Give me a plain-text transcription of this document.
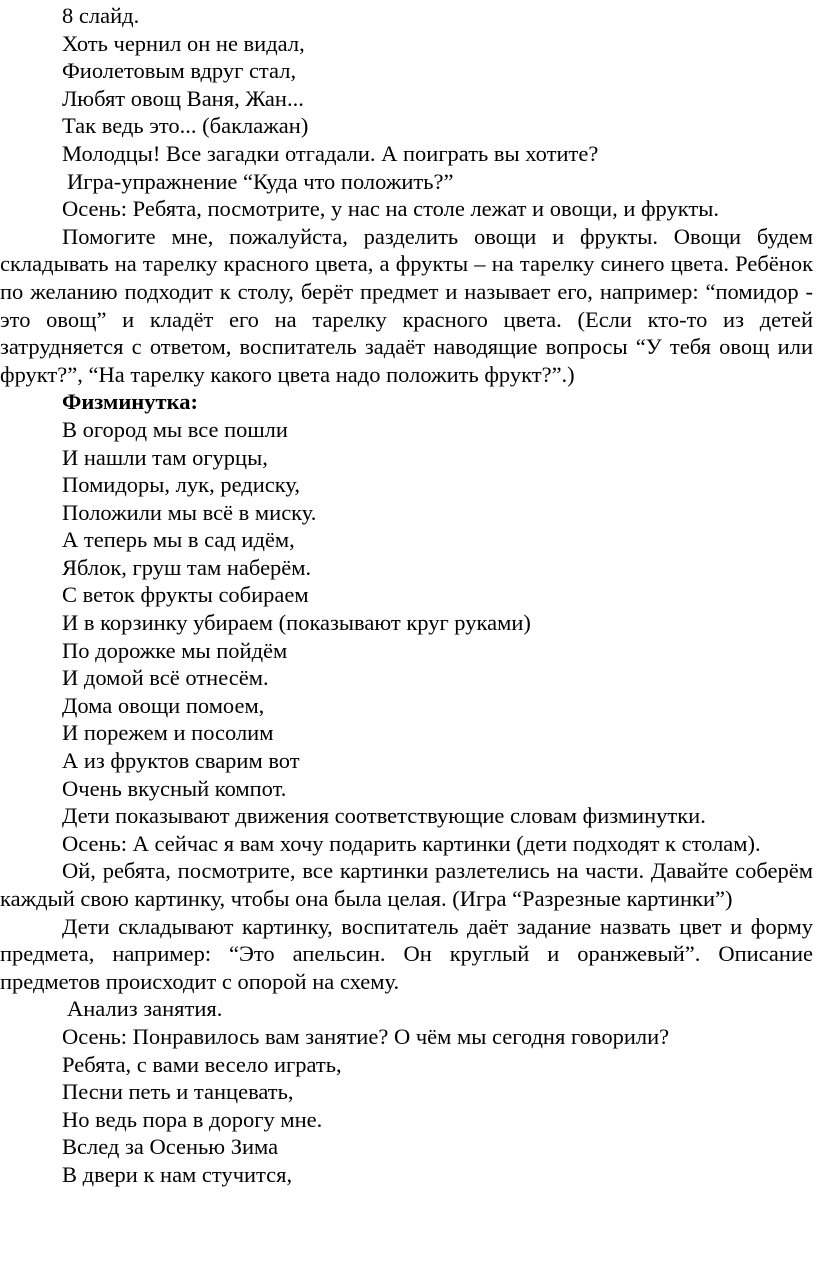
8 слайд.

Хоть чернил он не видал,

Фиолетовым вдруг стал,

Любят овощ Ваня, Жан...

Так ведь это... (баклажан)

Молодцы! Все загадки отгадали. А поиграть вы хотите?

Игра-упражнение “Куда что положить?”

Осень: Ребята, посмотрите, у нас на столе лежат и овощи, и фрукты.

Помогите мне, пожалуйста, разделить овощи и фрукты. Овощи будем складывать на тарелку красного цвета, а фрукты – на тарелку синего цвета. Ребёнок по желанию подходит к столу, берёт предмет и называет его, например: “помидор - это овощ” и кладёт его на тарелку красного цвета. (Если кто-то из детей затрудняется с ответом, воспитатель задаёт наводящие вопросы “У тебя овощ или фрукт?”, “На тарелку какого цвета надо положить фрукт?”.)

Физминутка:

В огород мы все пошли

И нашли там огурцы,

Помидоры, лук, редиску,

Положили мы всё в миску.

А теперь мы в сад идём,

Яблок, груш там наберём.

С веток фрукты собираем

И в корзинку убираем (показывают круг руками)

По дорожке мы пойдём

И домой всё отнесём.

Дома овощи помоем,

И порежем и посолим

А из фруктов сварим вот

Очень вкусный компот.

Дети показывают движения соответствующие словам физминутки.

Осень: А сейчас я вам хочу подарить картинки (дети подходят к столам).

Ой, ребята, посмотрите, все картинки разлетелись на части. Давайте соберём каждый свою картинку, чтобы она была целая. (Игра “Разрезные картинки”)

Дети складывают картинку, воспитатель даёт задание назвать цвет и форму предмета, например: “Это апельсин. Он круглый и оранжевый”. Описание предметов происходит с опорой на схему.

Анализ занятия.

Осень: Понравилось вам занятие? О чём мы сегодня говорили?

Ребята, с вами весело играть,

Песни петь и танцевать,

Но ведь пора в дорогу мне.

Вслед за Осенью Зима

В двери к нам стучится,
